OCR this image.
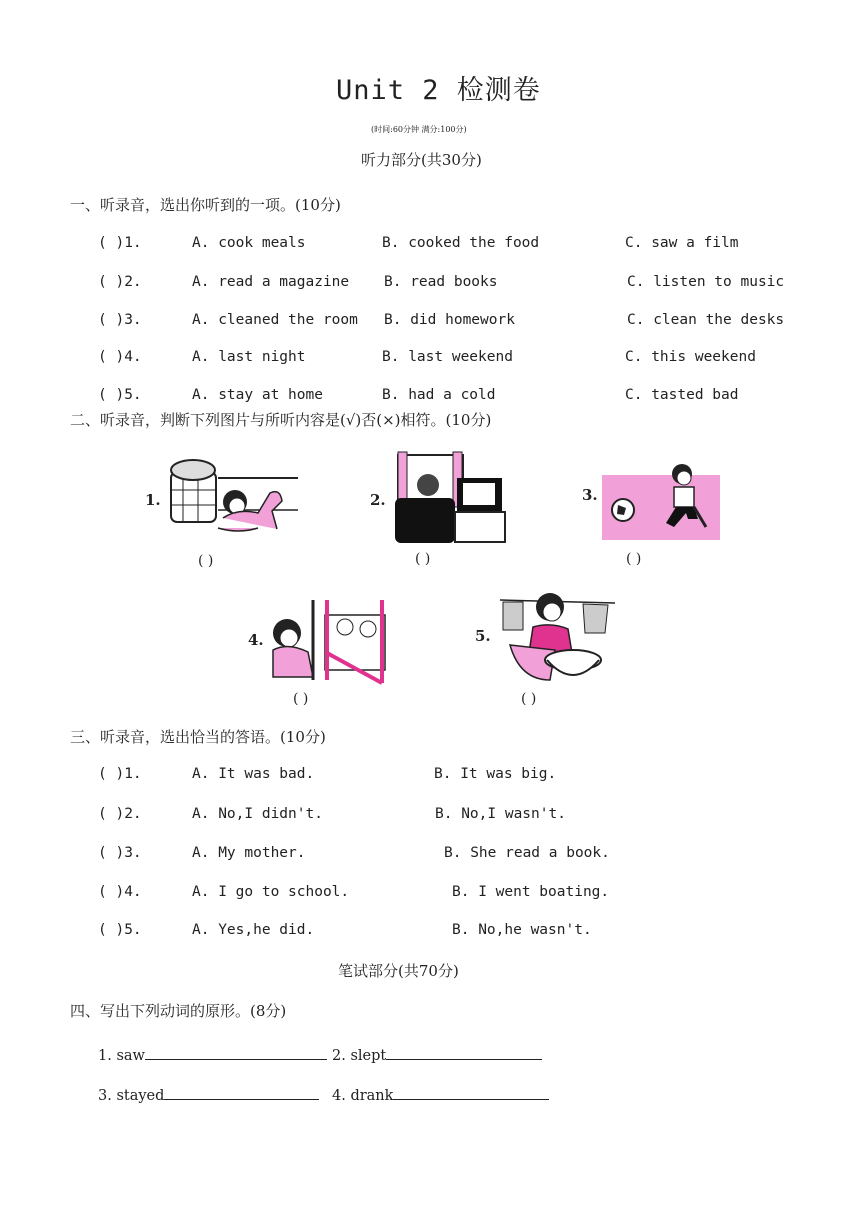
Unit 2 检测卷
(时间:60分钟 满分:100分)
听力部分(共30分)
一、听录音，选出你听到的一项。(10分)
( )1.	A. cook meals	B. cooked the food	C. saw a film
( )2.	A. read a magazine B. read books	C. listen to music
( )3.	A. cleaned the room B. did homework	C. clean the desks
( )4.	A. last night	B. last weekend	C. this weekend
( )5.	A. stay at home	B. had a cold	C. tasted bad
二、听录音，判断下列图片与所听内容是(√)否(×)相符。(10分)
1.
( )
2.
( )
3.
( )
4.
( )
5.
( )
三、听录音，选出恰当的答语。(10分)
( )1.	A. It was bad.	B. It was big.
( )2.	A. No,I didn't.	B. No,I wasn't.
( )3.	A. My mother.	B. She read a book.
( )4.	A. I go to school.	B. I went boating.
( )5.	A. Yes,he did.	B. No,he wasn't.
笔试部分(共70分)
四、写出下列动词的原形。(8分)
1. saw	2. slept
3. stayed	4. drank
